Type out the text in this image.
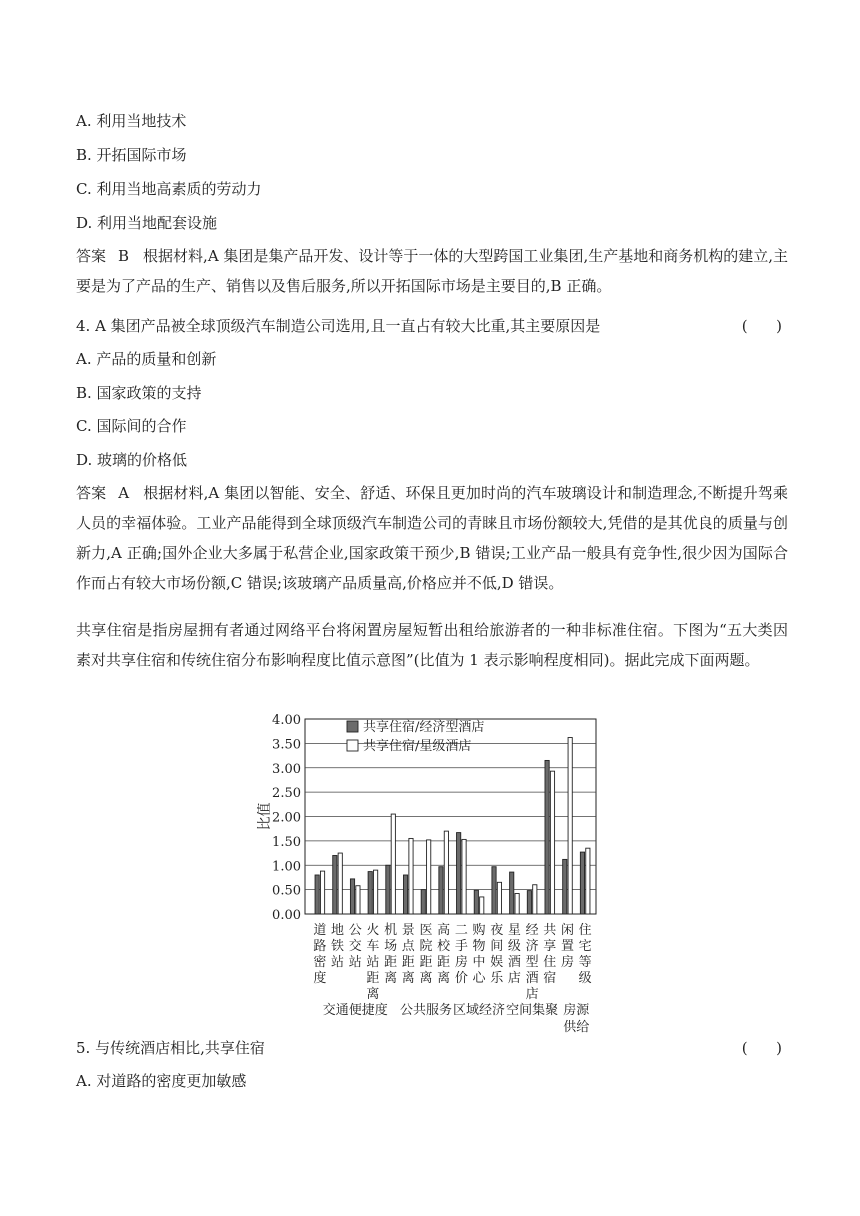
A. 利用当地技术
B. 开拓国际市场
C. 利用当地高素质的劳动力
D. 利用当地配套设施
答案 B 根据材料,A 集团是集产品开发、设计等于一体的大型跨国工业集团,生产基地和商务机构的建立,主要是为了产品的生产、销售以及售后服务,所以开拓国际市场是主要目的,B 正确。
4. A 集团产品被全球顶级汽车制造公司选用,且一直占有较大比重,其主要原因是	(      )
A. 产品的质量和创新
B. 国家政策的支持
C. 国际间的合作
D. 玻璃的价格低
答案 A 根据材料,A 集团以智能、安全、舒适、环保且更加时尚的汽车玻璃设计和制造理念,不断提升驾乘人员的幸福体验。工业产品能得到全球顶级汽车制造公司的青睐且市场份额较大,凭借的是其优良的质量与创新力,A 正确;国外企业大多属于私营企业,国家政策干预少,B 错误;工业产品一般具有竞争性,很少因为国际合作而占有较大市场份额,C 错误;该玻璃产品质量高,价格应并不低,D 错误。
共享住宿是指房屋拥有者通过网络平台将闲置房屋短暂出租给旅游者的一种非标准住宿。下图为“五大类因素对共享住宿和传统住宿分布影响程度比值示意图”(比值为 1 表示影响程度相同)。据此完成下面两题。
0.00
0.50
1.00
1.50
2.00
2.50
3.00
3.50
4.00
比值
道
路
密
度
地
铁
站
公
交
站
火
车
站
距
离
机
场
距
离
景
点
距
离
医
院
距
离
高
校
距
离
二
手
房
价
购
物
中
心
夜
间
娱
乐
星
级
酒
店
经
济
型
酒
店
共
享
住
宿
闲
置
房
住
宅
等
级
交通便捷度 公共服务 区域经济 空间集聚 房源
供给
共享住宿/经济型酒店
共享住宿/星级酒店
5. 与传统酒店相比,共享住宿	(      )
A. 对道路的密度更加敏感
